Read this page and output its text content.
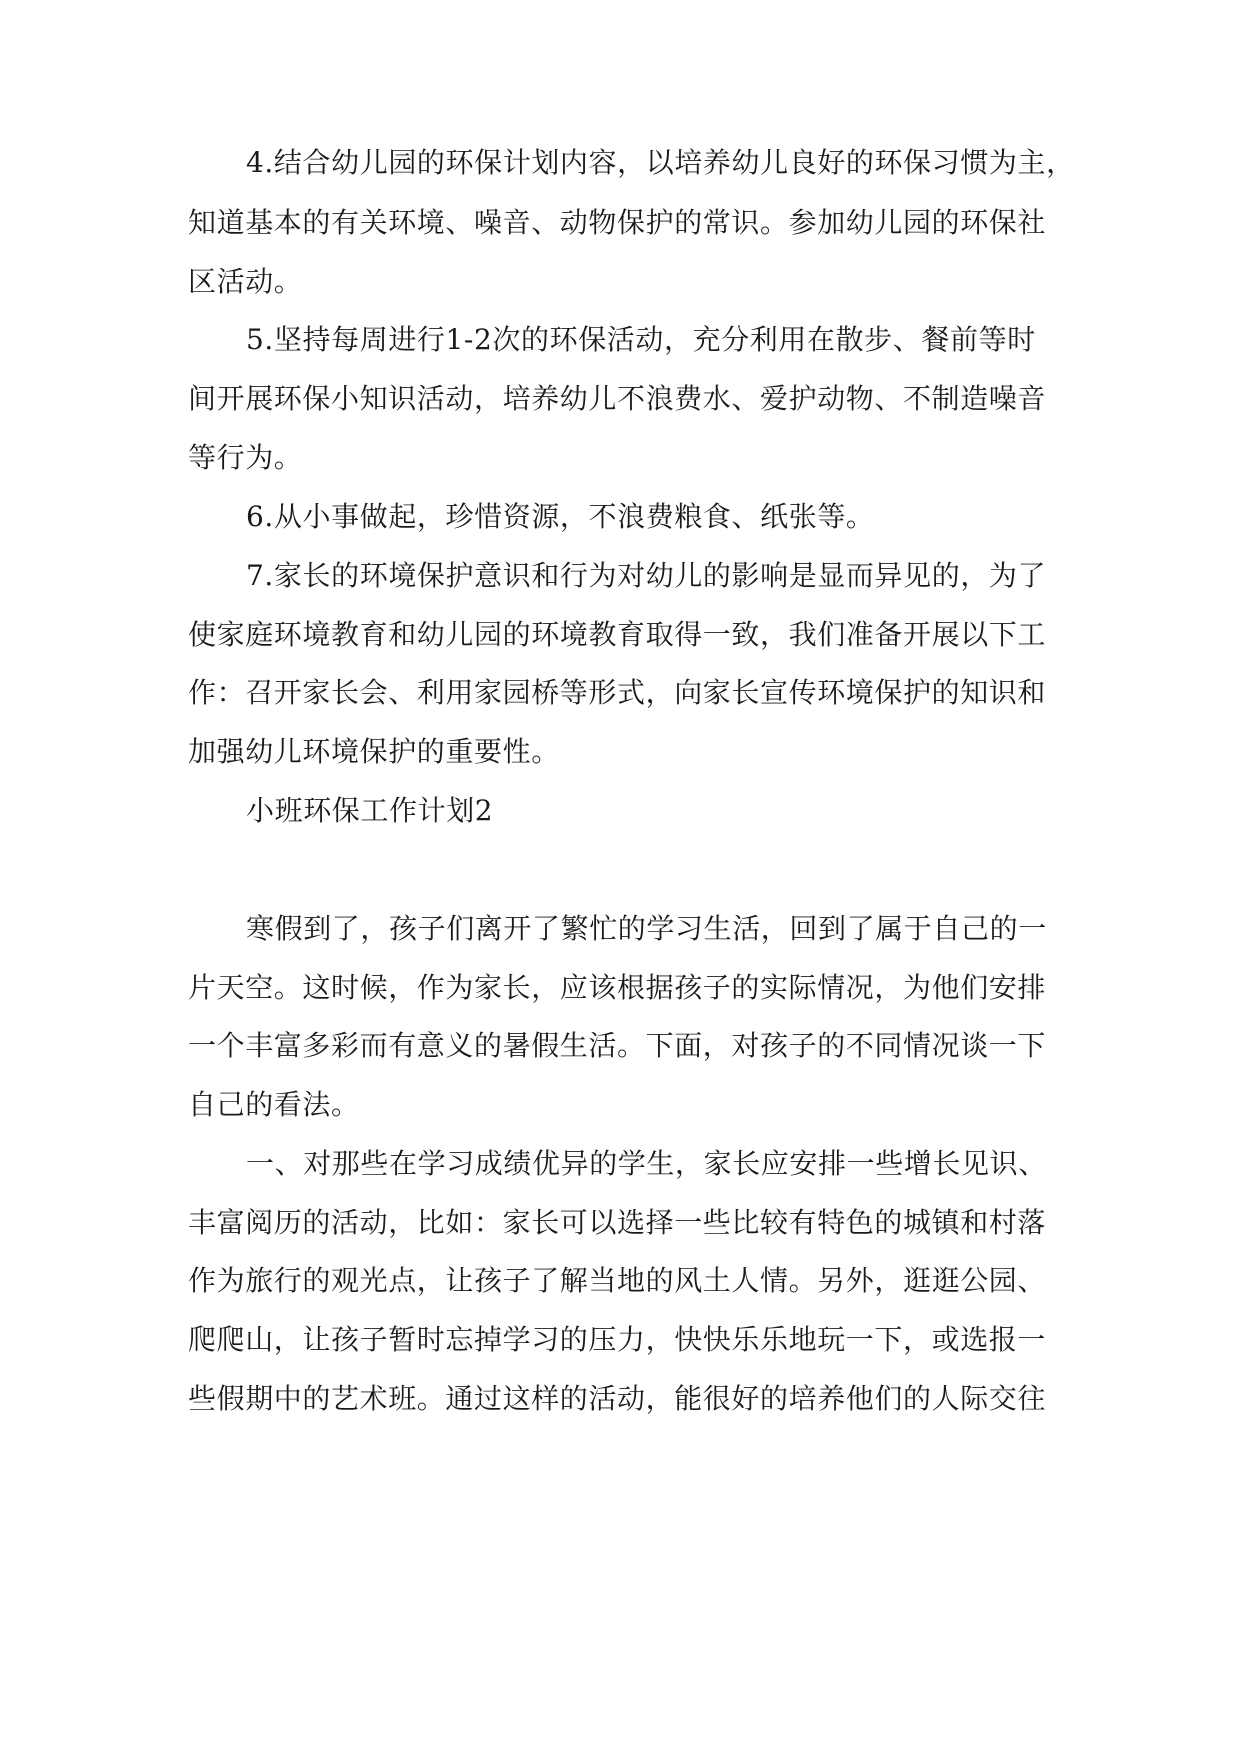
4.结合幼儿园的环保计划内容，以培养幼儿良好的环保习惯为主，
知道基本的有关环境、噪音、动物保护的常识。参加幼儿园的环保社
区活动。
5.坚持每周进行1-2次的环保活动，充分利用在散步、餐前等时
间开展环保小知识活动，培养幼儿不浪费水、爱护动物、不制造噪音
等行为。
6.从小事做起，珍惜资源，不浪费粮食、纸张等。
7.家长的环境保护意识和行为对幼儿的影响是显而异见的，为了
使家庭环境教育和幼儿园的环境教育取得一致，我们准备开展以下工
作：召开家长会、利用家园桥等形式，向家长宣传环境保护的知识和
加强幼儿环境保护的重要性。
小班环保工作计划2
寒假到了，孩子们离开了繁忙的学习生活，回到了属于自己的一
片天空。这时候，作为家长，应该根据孩子的实际情况，为他们安排
一个丰富多彩而有意义的暑假生活。下面，对孩子的不同情况谈一下
自己的看法。
一、对那些在学习成绩优异的学生，家长应安排一些增长见识、
丰富阅历的活动，比如：家长可以选择一些比较有特色的城镇和村落
作为旅行的观光点，让孩子了解当地的风土人情。另外，逛逛公园、
爬爬山，让孩子暂时忘掉学习的压力，快快乐乐地玩一下，或选报一
些假期中的艺术班。通过这样的活动，能很好的培养他们的人际交往
